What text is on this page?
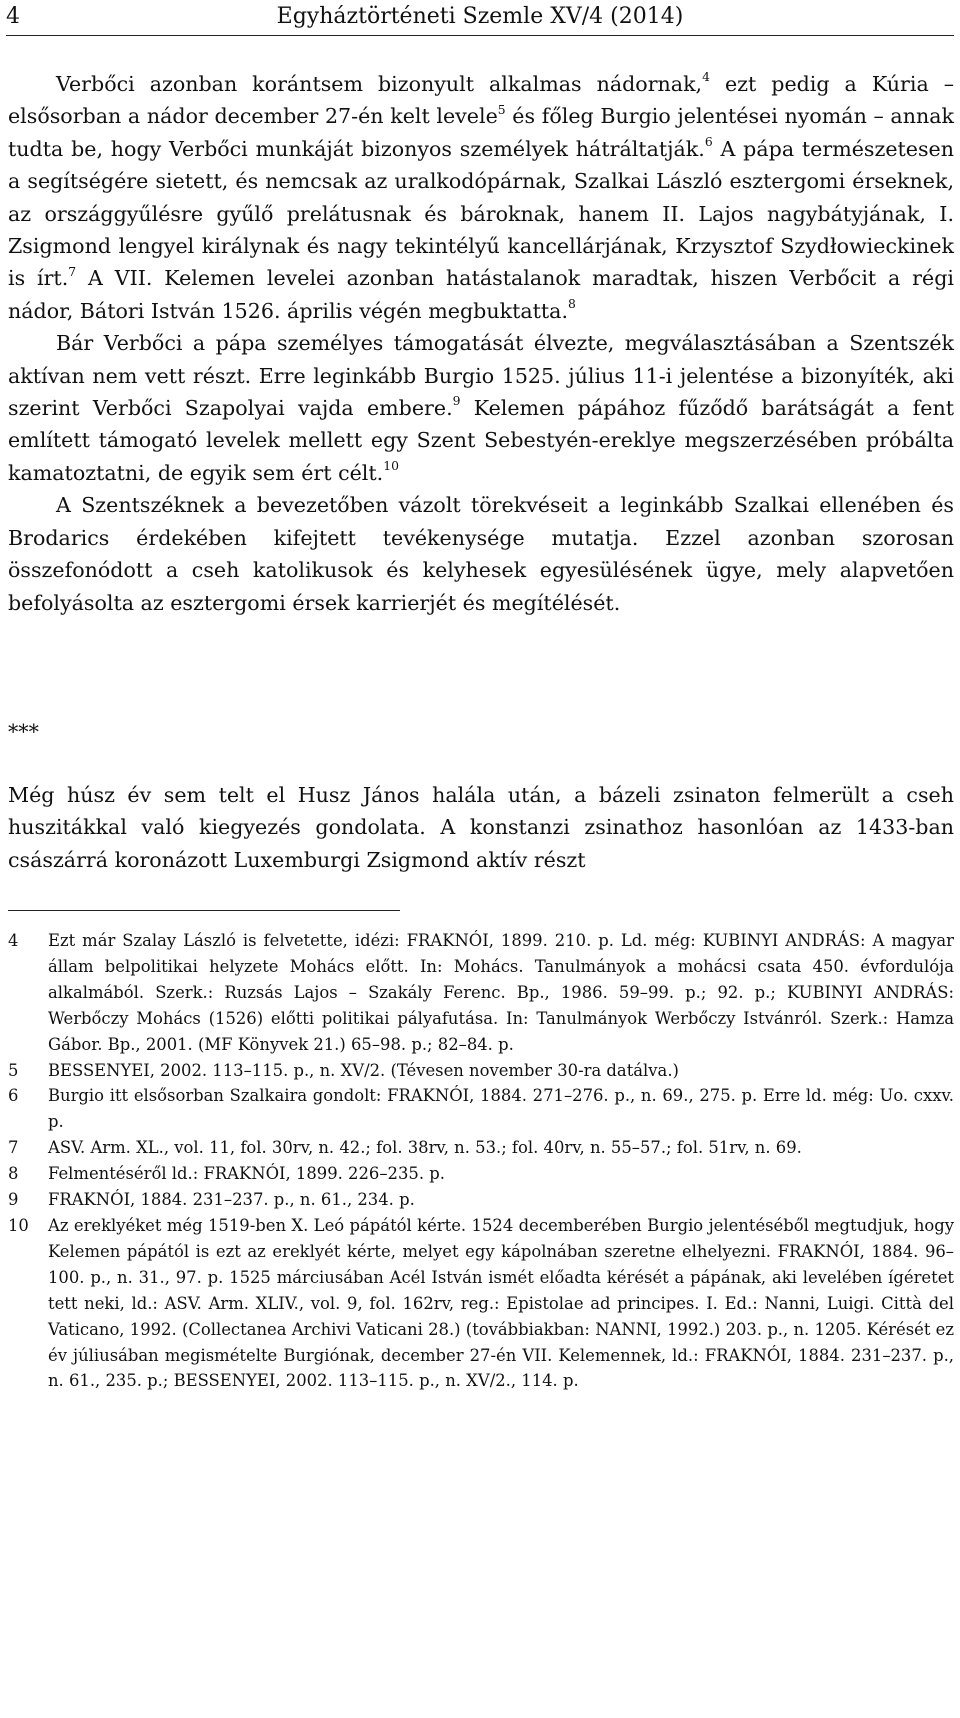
4	Egyháztörténeti Szemle XV/4 (2014)

Verbőci azonban korántsem bizonyult alkalmas nádornak,$^4$ ezt pedig a Kúria – elsősorban a nádor december 27-én kelt levele$^5$ és főleg Burgio jelentései nyomán – annak tudta be, hogy Verbőci munkáját bizonyos személyek hátráltatják.$^6$ A pápa természetesen a segítségére sietett, és nemcsak az uralkodópárnak, Szalkai László esztergomi érseknek, az országgyűlésre gyűlő prelátusnak és bároknak, hanem II. Lajos nagybátyjának, I. Zsigmond lengyel királynak és nagy tekintélyű kancellárjának, Krzysztof Szydłowieckinek is írt.$^7$ A VII. Kelemen levelei azonban hatástalanok maradtak, hiszen Verbőcit a régi nádor, Bátori István 1526. április végén megbuktatta.$^8$

Bár Verbőci a pápa személyes támogatását élvezte, megválasztásában a Szentszék aktívan nem vett részt. Erre leginkább Burgio 1525. július 11-i jelentése a bizonyíték, aki szerint Verbőci Szapolyai vajda embere.$^9$ Kelemen pápához fűződő barátságát a fent említett támogató levelek mellett egy Szent Sebestyén-ereklye megszerzésében próbálta kamatoztatni, de egyik sem ért célt.$^{10}$

A Szentszéknek a bevezetőben vázolt törekvéseit a leginkább Szalkai ellenében és Brodarics érdekében kifejtett tevékenysége mutatja. Ezzel azonban szorosan összefonódott a cseh katolikusok és kelyhesek egyesülésének ügye, mely alapvetően befolyásolta az esztergomi érsek karrierjét és megítélését.

***

Még húsz év sem telt el Husz János halála után, a bázeli zsinaton felmerült a cseh huszitákkal való kiegyezés gondolata. A konstanzi zsinathoz hasonlóan az 1433-ban császárrá koronázott Luxemburgi Zsigmond aktív részt

4	Ezt már Szalay László is felvetette, idézi: FRAKNÓI, 1899. 210. p. Ld. még: KUBINYI ANDRÁS: A magyar állam belpolitikai helyzete Mohács előtt. In: Mohács. Tanulmányok a mohácsi csata 450. évfordulója alkalmából. Szerk.: Ruzsás Lajos – Szakály Ferenc. Bp., 1986. 59–99. p.; 92. p.; KUBINYI ANDRÁS: Werbőczy Mohács (1526) előtti politikai pályafutása. In: Tanulmányok Werbőczy Istvánról. Szerk.: Hamza Gábor. Bp., 2001. (MF Könyvek 21.) 65–98. p.; 82–84. p.
5	BESSENYEI, 2002. 113–115. p., n. XV/2. (Tévesen november 30-ra datálva.)
6	Burgio itt elsősorban Szalkaira gondolt: FRAKNÓI, 1884. 271–276. p., n. 69., 275. p. Erre ld. még: Uo. cxxv. p.
7	ASV. Arm. XL., vol. 11, fol. 30rv, n. 42.; fol. 38rv, n. 53.; fol. 40rv, n. 55–57.; fol. 51rv, n. 69.
8	Felmentéséről ld.: FRAKNÓI, 1899. 226–235. p.
9	FRAKNÓI, 1884. 231–237. p., n. 61., 234. p.
10	Az ereklyéket még 1519-ben X. Leó pápától kérte. 1524 decemberében Burgio jelentéséből megtudjuk, hogy Kelemen pápától is ezt az ereklyét kérte, melyet egy kápolnában szeretne elhelyezni. FRAKNÓI, 1884. 96–100. p., n. 31., 97. p. 1525 márciusában Acél István ismét előadta kérését a pápának, aki levelében ígéretet tett neki, ld.: ASV. Arm. XLIV., vol. 9, fol. 162rv, reg.: Epistolae ad principes. I. Ed.: Nanni, Luigi. Città del Vaticano, 1992. (Collectanea Archivi Vaticani 28.) (továbbiakban: NANNI, 1992.) 203. p., n. 1205. Kérését ez év júliusában megismételte Burgiónak, december 27-én VII. Kelemennek, ld.: FRAKNÓI, 1884. 231–237. p., n. 61., 235. p.; BESSENYEI, 2002. 113–115. p., n. XV/2., 114. p.
